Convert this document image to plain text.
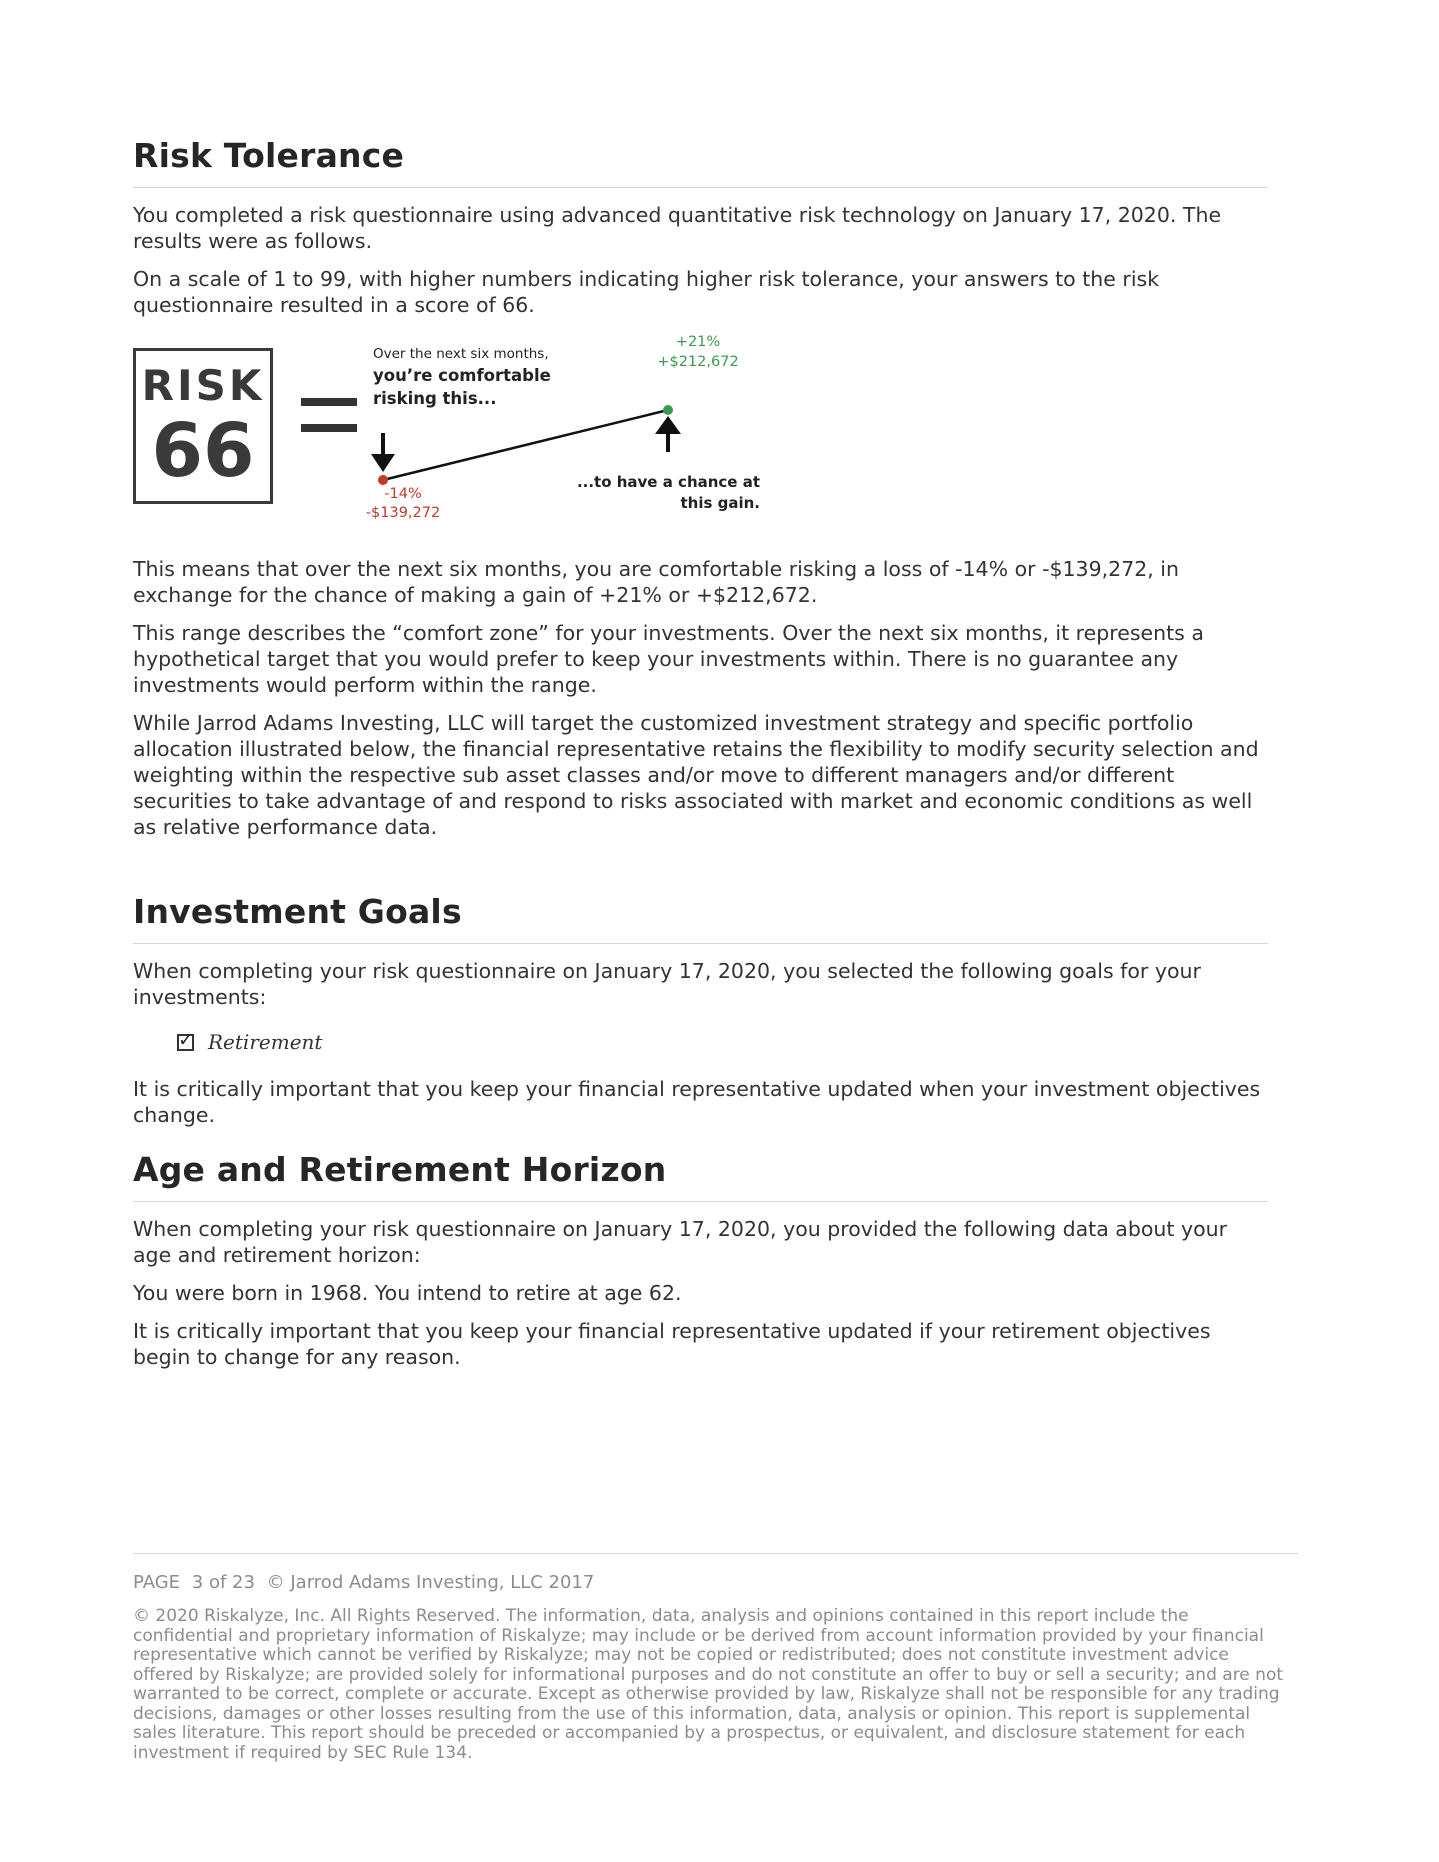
Risk Tolerance

You completed a risk questionnaire using advanced quantitative risk technology on January 17, 2020. The results were as follows.

On a scale of 1 to 99, with higher numbers indicating higher risk tolerance, your answers to the risk questionnaire resulted in a score of 66.

RISK
66
Over the next six months,
you’re comfortable risking this...
+21%
+$212,672
-14%
-$139,272
...to have a chance at this gain.

This means that over the next six months, you are comfortable risking a loss of -14% or -$139,272, in exchange for the chance of making a gain of +21% or +$212,672.

This range describes the “comfort zone” for your investments. Over the next six months, it represents a hypothetical target that you would prefer to keep your investments within. There is no guarantee any investments would perform within the range.

While Jarrod Adams Investing, LLC will target the customized investment strategy and specific portfolio allocation illustrated below, the financial representative retains the flexibility to modify security selection and weighting within the respective sub asset classes and/or move to different managers and/or different securities to take advantage of and respond to risks associated with market and economic conditions as well as relative performance data.

Investment Goals

When completing your risk questionnaire on January 17, 2020, you selected the following goals for your investments:

✓ Retirement

It is critically important that you keep your financial representative updated when your investment objectives change.

Age and Retirement Horizon

When completing your risk questionnaire on January 17, 2020, you provided the following data about your age and retirement horizon:

You were born in 1968. You intend to retire at age 62.

It is critically important that you keep your financial representative updated if your retirement objectives begin to change for any reason.

PAGE 3 of 23 © Jarrod Adams Investing, LLC 2017
© 2020 Riskalyze, Inc. All Rights Reserved. The information, data, analysis and opinions contained in this report include the confidential and proprietary information of Riskalyze; may include or be derived from account information provided by your financial representative which cannot be verified by Riskalyze; may not be copied or redistributed; does not constitute investment advice offered by Riskalyze; are provided solely for informational purposes and do not constitute an offer to buy or sell a security; and are not warranted to be correct, complete or accurate. Except as otherwise provided by law, Riskalyze shall not be responsible for any trading decisions, damages or other losses resulting from the use of this information, data, analysis or opinion. This report is supplemental sales literature. This report should be preceded or accompanied by a prospectus, or equivalent, and disclosure statement for each investment if required by SEC Rule 134.
